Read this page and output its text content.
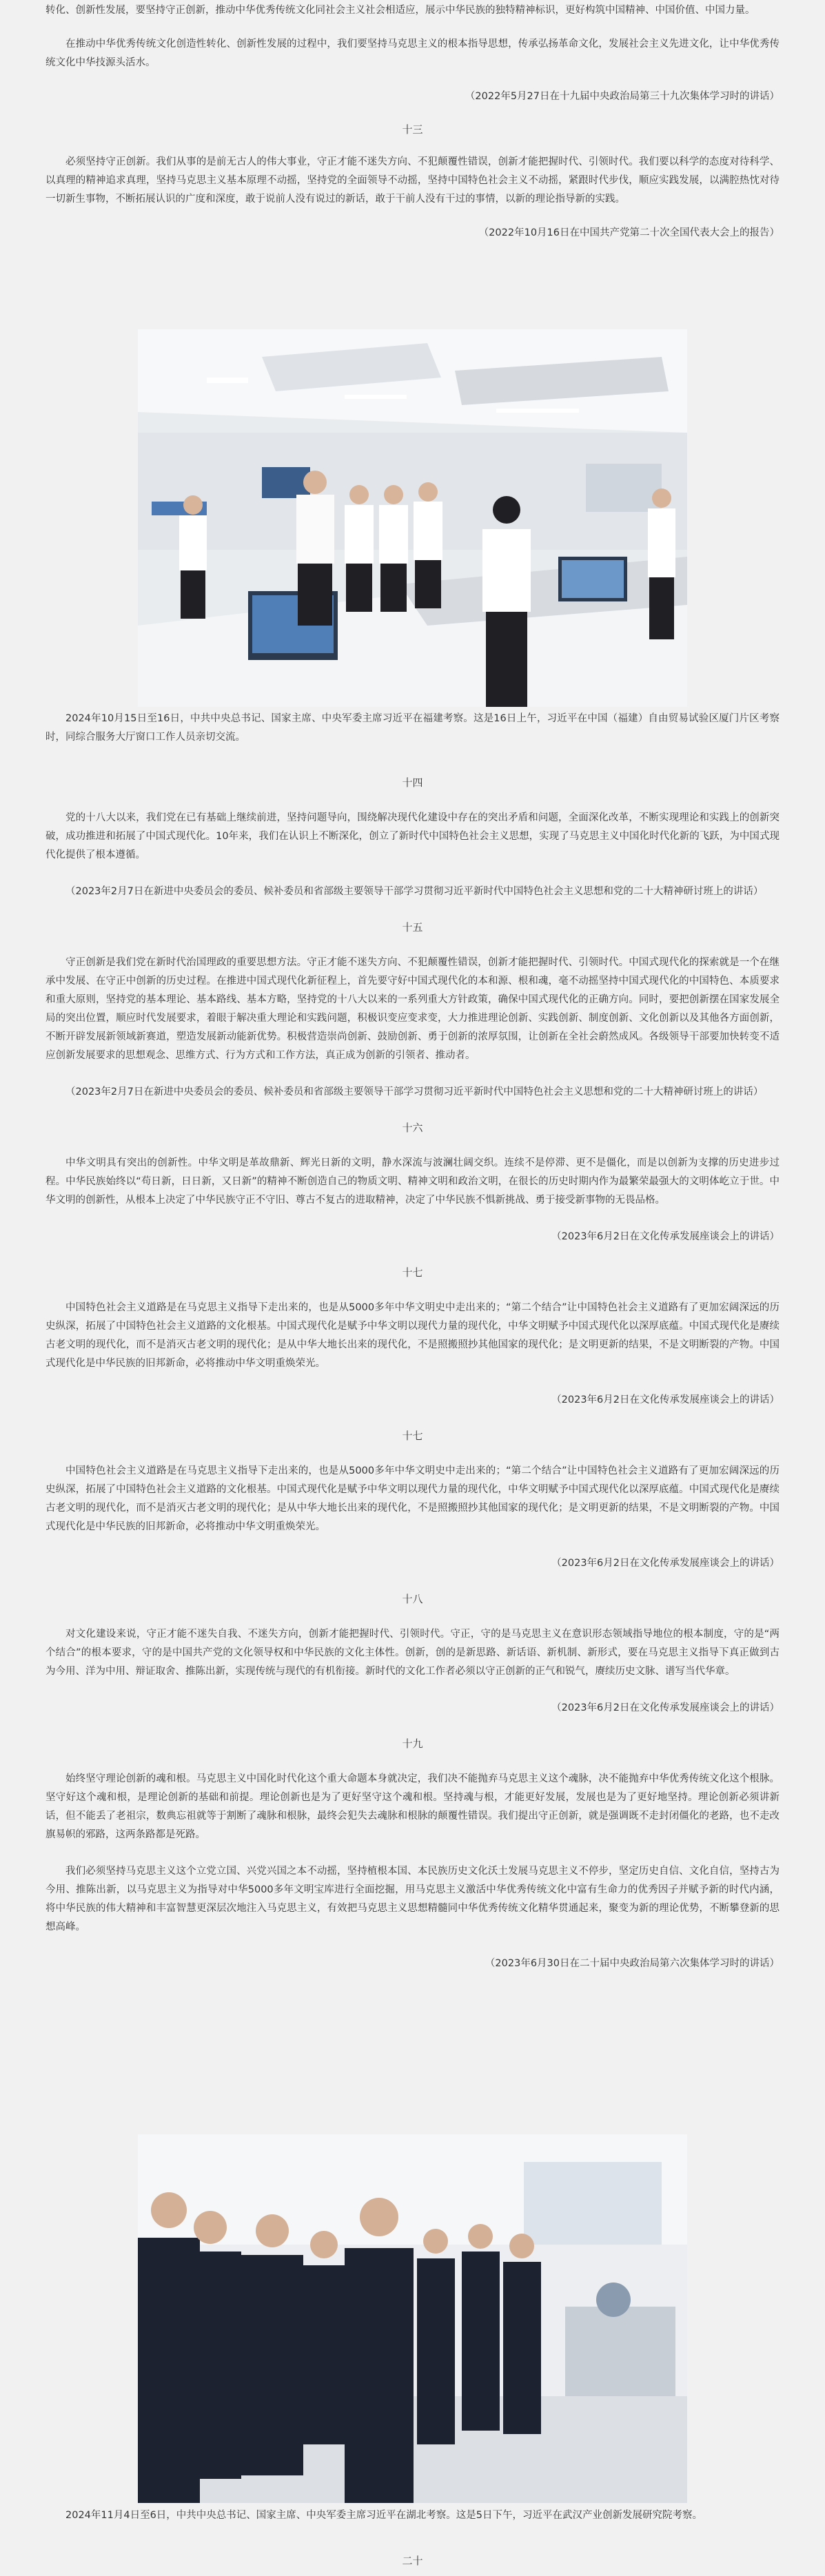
转化、创新性发展，要坚持守正创新，推动中华优秀传统文化同社会主义社会相适应，展示中华民族的独特精神标识，更好构筑中国精神、中国价值、中国力量。

在推动中华优秀传统文化创造性转化、创新性发展的过程中，我们要坚持马克思主义的根本指导思想，传承弘扬革命文化，发展社会主义先进文化，让中华优秀传统文化中华技源头活水。

（2022年5月27日在十九届中央政治局第三十九次集体学习时的讲话）

十三

必须坚持守正创新。我们从事的是前无古人的伟大事业，守正才能不迷失方向、不犯颠覆性错误，创新才能把握时代、引领时代。我们要以科学的态度对待科学、以真理的精神追求真理，坚持马克思主义基本原理不动摇，坚持党的全面领导不动摇，坚持中国特色社会主义不动摇，紧跟时代步伐，顺应实践发展，以满腔热忱对待一切新生事物，不断拓展认识的广度和深度，敢于说前人没有说过的新话，敢于干前人没有干过的事情，以新的理论指导新的实践。

（2022年10月16日在中国共产党第二十次全国代表大会上的报告）

2024年10月15日至16日，中共中央总书记、国家主席、中央军委主席习近平在福建考察。这是16日上午，习近平在中国（福建）自由贸易试验区厦门片区考察时，同综合服务大厅窗口工作人员亲切交流。

十四

党的十八大以来，我们党在已有基础上继续前进，坚持问题导向，围绕解决现代化建设中存在的突出矛盾和问题，全面深化改革，不断实现理论和实践上的创新突破，成功推进和拓展了中国式现代化。10年来，我们在认识上不断深化，创立了新时代中国特色社会主义思想，实现了马克思主义中国化时代化新的飞跃，为中国式现代化提供了根本遵循。

（2023年2月7日在新进中央委员会的委员、候补委员和省部级主要领导干部学习贯彻习近平新时代中国特色社会主义思想和党的二十大精神研讨班上的讲话）

十五

守正创新是我们党在新时代治国理政的重要思想方法。守正才能不迷失方向、不犯颠覆性错误，创新才能把握时代、引领时代。中国式现代化的探索就是一个在继承中发展、在守正中创新的历史过程。在推进中国式现代化新征程上，首先要守好中国式现代化的本和源、根和魂，毫不动摇坚持中国式现代化的中国特色、本质要求和重大原则，坚持党的基本理论、基本路线、基本方略，坚持党的十八大以来的一系列重大方针政策，确保中国式现代化的正确方向。同时，要把创新摆在国家发展全局的突出位置，顺应时代发展要求，着眼于解决重大理论和实践问题，积极识变应变求变，大力推进理论创新、实践创新、制度创新、文化创新以及其他各方面创新，不断开辟发展新领域新赛道，塑造发展新动能新优势。积极营造崇尚创新、鼓励创新、勇于创新的浓厚氛围，让创新在全社会蔚然成风。各级领导干部要加快转变不适应创新发展要求的思想观念、思维方式、行为方式和工作方法，真正成为创新的引领者、推动者。

（2023年2月7日在新进中央委员会的委员、候补委员和省部级主要领导干部学习贯彻习近平新时代中国特色社会主义思想和党的二十大精神研讨班上的讲话）

十六

中华文明具有突出的创新性。中华文明是革故鼎新、辉光日新的文明，静水深流与波澜壮阔交织。连续不是停滞、更不是僵化，而是以创新为支撑的历史进步过程。中华民族始终以“苟日新，日日新，又日新”的精神不断创造自己的物质文明、精神文明和政治文明，在很长的历史时期内作为最繁荣最强大的文明体屹立于世。中华文明的创新性，从根本上决定了中华民族守正不守旧、尊古不复古的进取精神，决定了中华民族不惧新挑战、勇于接受新事物的无畏品格。

（2023年6月2日在文化传承发展座谈会上的讲话）

十七

中国特色社会主义道路是在马克思主义指导下走出来的，也是从5000多年中华文明史中走出来的；“第二个结合”让中国特色社会主义道路有了更加宏阔深远的历史纵深，拓展了中国特色社会主义道路的文化根基。中国式现代化是赋予中华文明以现代力量的现代化，中华文明赋予中国式现代化以深厚底蕴。中国式现代化是赓续古老文明的现代化，而不是消灭古老文明的现代化；是从中华大地长出来的现代化，不是照搬照抄其他国家的现代化；是文明更新的结果，不是文明断裂的产物。中国式现代化是中华民族的旧邦新命，必将推动中华文明重焕荣光。

（2023年6月2日在文化传承发展座谈会上的讲话）

十七

中国特色社会主义道路是在马克思主义指导下走出来的，也是从5000多年中华文明史中走出来的；“第二个结合”让中国特色社会主义道路有了更加宏阔深远的历史纵深，拓展了中国特色社会主义道路的文化根基。中国式现代化是赋予中华文明以现代力量的现代化，中华文明赋予中国式现代化以深厚底蕴。中国式现代化是赓续古老文明的现代化，而不是消灭古老文明的现代化；是从中华大地长出来的现代化，不是照搬照抄其他国家的现代化；是文明更新的结果，不是文明断裂的产物。中国式现代化是中华民族的旧邦新命，必将推动中华文明重焕荣光。

（2023年6月2日在文化传承发展座谈会上的讲话）

十八

对文化建设来说，守正才能不迷失自我、不迷失方向，创新才能把握时代、引领时代。守正，守的是马克思主义在意识形态领域指导地位的根本制度，守的是“两个结合”的根本要求，守的是中国共产党的文化领导权和中华民族的文化主体性。创新，创的是新思路、新话语、新机制、新形式，要在马克思主义指导下真正做到古为今用、洋为中用、辩证取舍、推陈出新，实现传统与现代的有机衔接。新时代的文化工作者必须以守正创新的正气和锐气，赓续历史文脉、谱写当代华章。

（2023年6月2日在文化传承发展座谈会上的讲话）

十九

始终坚守理论创新的魂和根。马克思主义中国化时代化这个重大命题本身就决定，我们决不能抛弃马克思主义这个魂脉，决不能抛弃中华优秀传统文化这个根脉。坚守好这个魂和根，是理论创新的基础和前提。理论创新也是为了更好坚守这个魂和根。坚持魂与根，才能更好发展，发展也是为了更好地坚持。理论创新必须讲新话，但不能丢了老祖宗，数典忘祖就等于割断了魂脉和根脉，最终会犯失去魂脉和根脉的颠覆性错误。我们提出守正创新，就是强调既不走封闭僵化的老路，也不走改旗易帜的邪路，这两条路都是死路。

我们必须坚持马克思主义这个立党立国、兴党兴国之本不动摇，坚持植根本国、本民族历史文化沃土发展马克思主义不停步，坚定历史自信、文化自信，坚持古为今用、推陈出新，以马克思主义为指导对中华5000多年文明宝库进行全面挖掘，用马克思主义激活中华优秀传统文化中富有生命力的优秀因子并赋予新的时代内涵，将中华民族的伟大精神和丰富智慧更深层次地注入马克思主义，有效把马克思主义思想精髓同中华优秀传统文化精华贯通起来，聚变为新的理论优势，不断攀登新的思想高峰。

（2023年6月30日在二十届中央政治局第六次集体学习时的讲话）

2024年11月4日至6日，中共中央总书记、国家主席、中央军委主席习近平在湖北考察。这是5日下午，习近平在武汉产业创新发展研究院考察。

二十
